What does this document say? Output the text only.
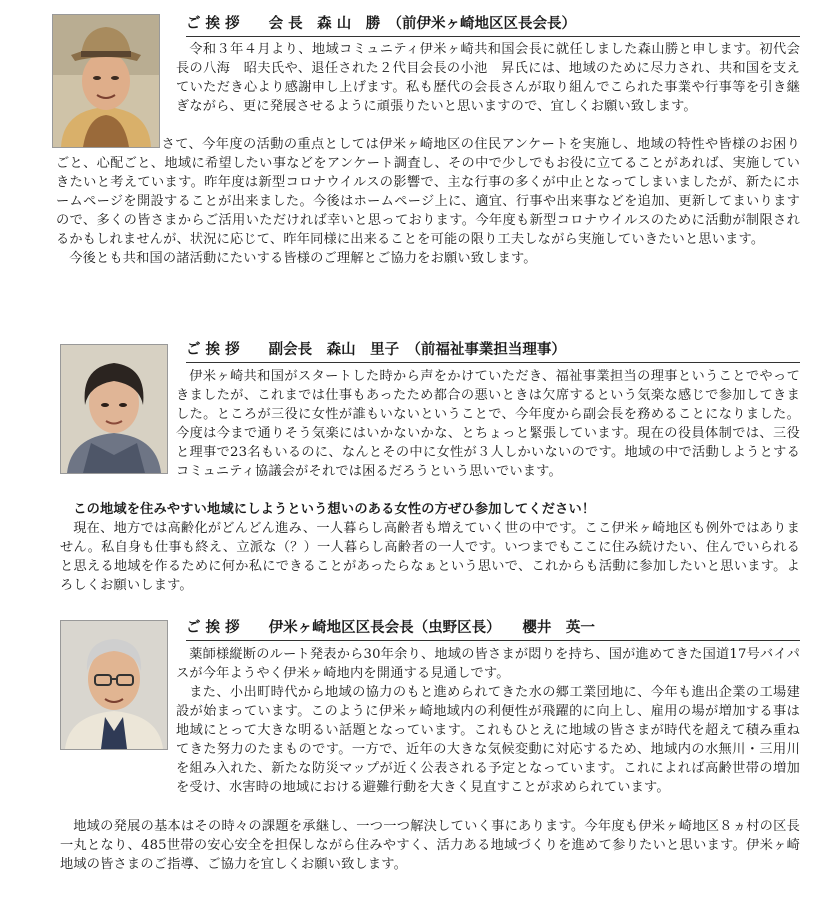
ご 挨 拶　　会 長　森 山　勝　（前伊米ヶ崎地区区長会長）

令和３年４月より、地域コミュニティ伊米ヶ崎共和国会長に就任しました森山勝と申します。初代会長の八海　昭夫氏や、退任された２代目会長の小池　昇氏には、地域のために尽力され、共和国を支えていただき心より感謝申し上げます。私も歴代の会長さんが取り組んでこられた事業や行事等を引き継ぎながら、更に発展させるように頑張りたいと思いますので、宜しくお願い致します。

さて、今年度の活動の重点としては伊米ヶ崎地区の住民アンケートを実施し、地域の特性や皆様のお困りごと、心配ごと、地域に希望したい事などをアンケート調査し、その中で少しでもお役に立てることがあれば、実施していきたいと考えています。昨年度は新型コロナウイルスの影響で、主な行事の多くが中止となってしまいましたが、新たにホームページを開設することが出来ました。今後はホームページ上に、適宜、行事や出来事などを追加、更新してまいりますので、多くの皆さまからご活用いただければ幸いと思っております。今年度も新型コロナウイルスのために活動が制限されるかもしれませんが、状況に応じて、昨年同様に出来ることを可能の限り工夫しながら実施していきたいと思います。

今後とも共和国の諸活動にたいする皆様のご理解とご協力をお願い致します。

ご 挨 拶　　副会長　森山　里子　（前福祉事業担当理事）

伊米ヶ崎共和国がスタートした時から声をかけていただき、福祉事業担当の理事ということでやってきましたが、これまでは仕事もあったため都合の悪いときは欠席するという気楽な感じで参加してきました。ところが三役に女性が誰もいないということで、今年度から副会長を務めることになりました。今度は今まで通りそう気楽にはいかないかな、とちょっと緊張しています。現在の役員体制では、三役と理事で23名もいるのに、なんとその中に女性が３人しかいないのです。地域の中で活動しようとするコミュニティ協議会がそれでは困るだろうという思いでいます。

この地域を住みやすい地域にしようという想いのある女性の方ぜひ参加してください！

現在、地方では高齢化がどんどん進み、一人暮らし高齢者も増えていく世の中です。ここ伊米ヶ崎地区も例外ではありません。私自身も仕事も終え、立派な（？）一人暮らし高齢者の一人です。いつまでもここに住み続けたい、住んでいられると思える地域を作るために何か私にできることがあったらなぁという思いで、これからも活動に参加したいと思います。よろしくお願いします。

ご 挨 拶　　伊米ヶ崎地区区長会長（虫野区長）　　櫻井　英一

薬師様縦断のルート発表から30年余り、地域の皆さまが悶りを持ち、国が進めてきた国道17号バイパスが今年ようやく伊米ヶ崎地内を開通する見通しです。

また、小出町時代から地域の協力のもと進められてきた水の郷工業団地に、今年も進出企業の工場建設が始まっています。このように伊米ヶ崎地域内の利便性が飛躍的に向上し、雇用の場が増加する事は地域にとって大きな明るい話題となっています。これもひとえに地域の皆さまが時代を超えて積み重ねてきた努力のたまものです。一方で、近年の大きな気候変動に対応するため、地域内の水無川・三用川を組み入れた、新たな防災マップが近く公表される予定となっています。これによれば高齢世帯の増加を受け、水害時の地域における避難行動を大きく見直すことが求められています。

地域の発展の基本はその時々の課題を承継し、一つ一つ解決していく事にあります。今年度も伊米ヶ崎地区８ヵ村の区長一丸となり、485世帯の安心安全を担保しながら住みやすく、活力ある地域づくりを進めて参りたいと思います。伊米ヶ崎地域の皆さまのご指導、ご協力を宜しくお願い致します。
